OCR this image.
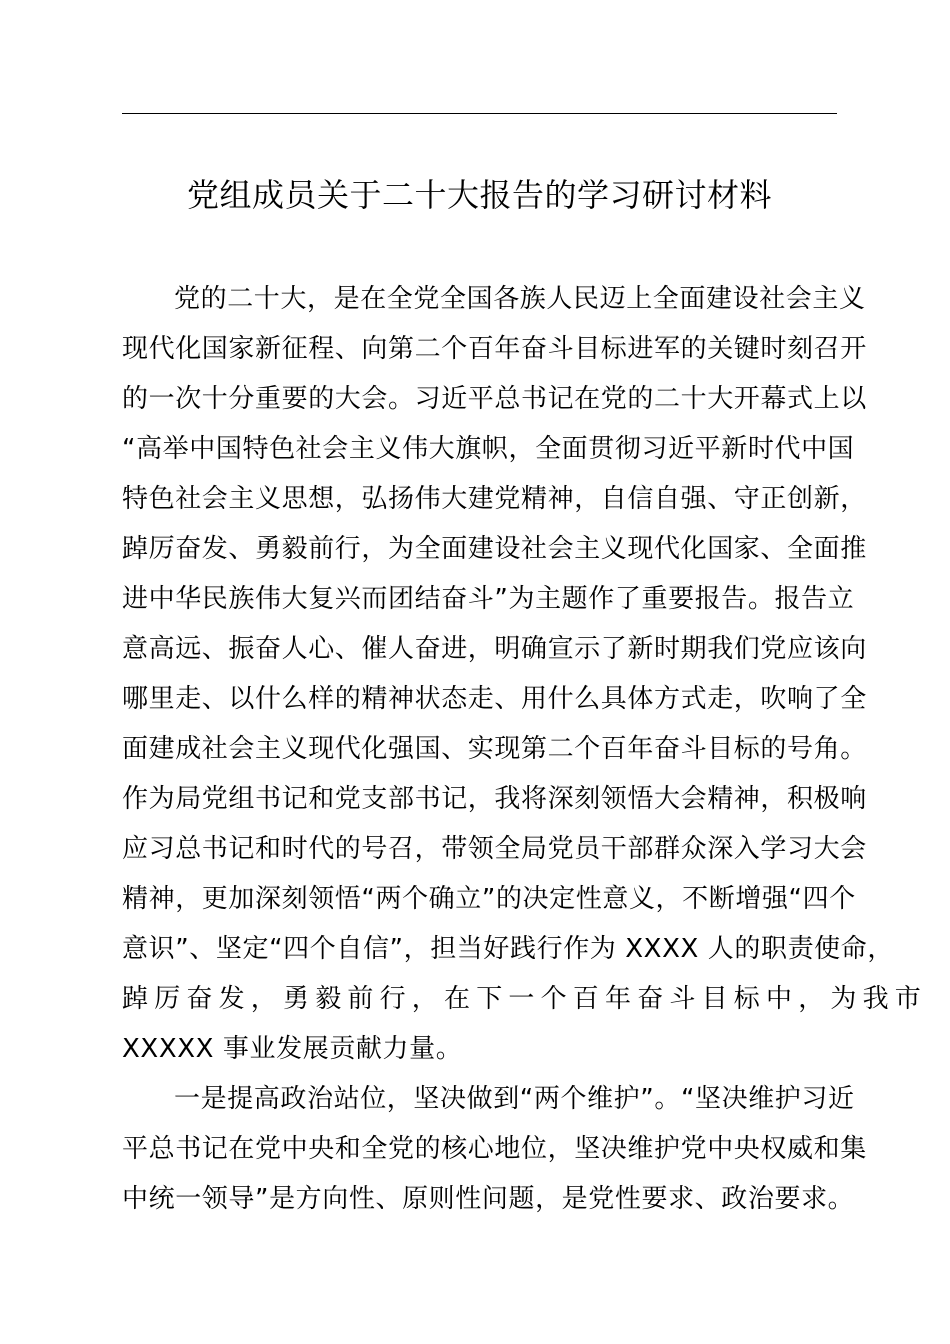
党组成员关于二十大报告的学习研讨材料
党的二十大，是在全党全国各族人民迈上全面建设社会主义
现代化国家新征程、向第二个百年奋斗目标进军的关键时刻召开
的一次十分重要的大会。习近平总书记在党的二十大开幕式上以
“高举中国特色社会主义伟大旗帜，全面贯彻习近平新时代中国
特色社会主义思想，弘扬伟大建党精神，自信自强、守正创新，
踔厉奋发、勇毅前行，为全面建设社会主义现代化国家、全面推
进中华民族伟大复兴而团结奋斗”为主题作了重要报告。报告立
意高远、振奋人心、催人奋进，明确宣示了新时期我们党应该向
哪里走、以什么样的精神状态走、用什么具体方式走，吹响了全
面建成社会主义现代化强国、实现第二个百年奋斗目标的号角。
作为局党组书记和党支部书记，我将深刻领悟大会精神，积极响
应习总书记和时代的号召，带领全局党员干部群众深入学习大会
精神，更加深刻领悟“两个确立”的决定性意义，不断增强“四个
意识”、坚定“四个自信”，担当好践行作为 XXXX 人的职责使命，
踔厉奋发，勇毅前行，在下一个百年奋斗目标中，为我市
XXXXX 事业发展贡献力量。
一是提高政治站位，坚决做到“两个维护”。“坚决维护习近
平总书记在党中央和全党的核心地位，坚决维护党中央权威和集
中统一领导”是方向性、原则性问题，是党性要求、政治要求。
